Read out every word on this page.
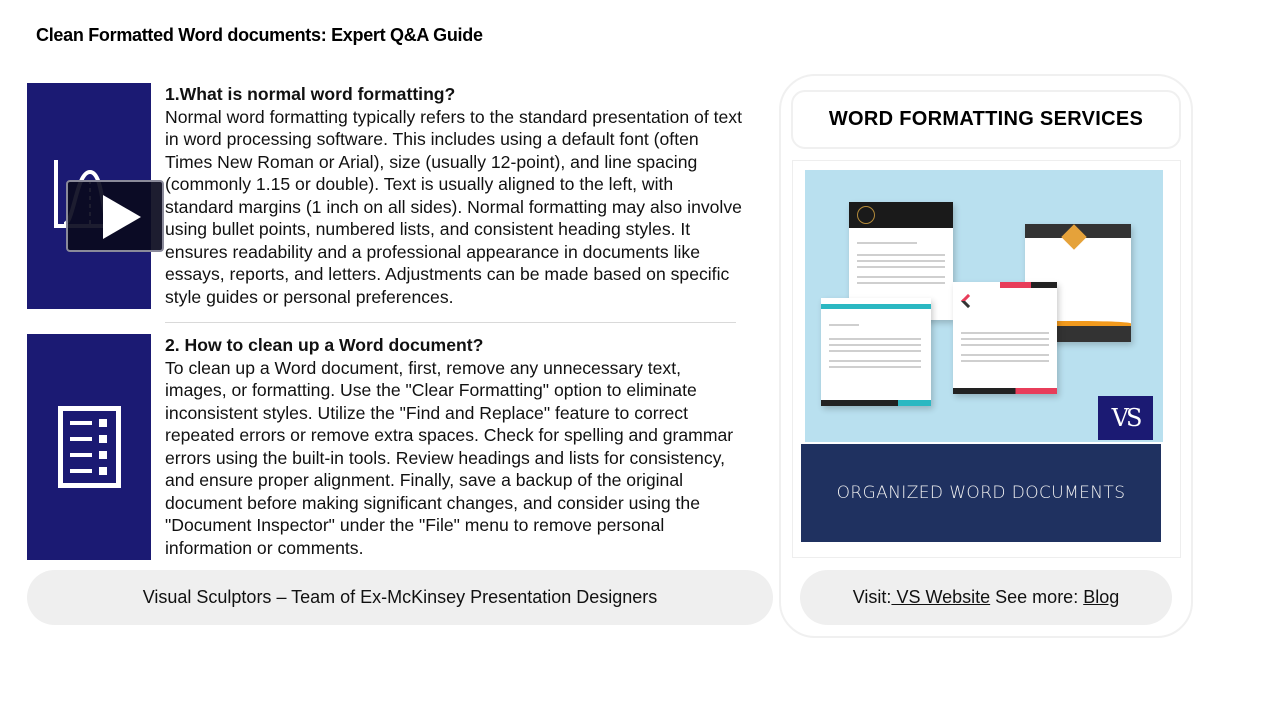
Clean Formatted Word documents: Expert Q&A Guide
1.What is normal word formatting?
Normal word formatting typically refers to the standard presentation of text in word processing software. This includes using a default font (often Times New Roman or Arial), size (usually 12-point), and line spacing (commonly 1.15 or double). Text is usually aligned to the left, with standard margins (1 inch on all sides). Normal formatting may also involve using bullet points, numbered lists, and consistent heading styles. It ensures readability and a professional appearance in documents like essays, reports, and letters. Adjustments can be made based on specific style guides or personal preferences.
2. How to clean up a Word document?
To clean up a Word document, first, remove any unnecessary text, images, or formatting. Use the "Clear Formatting" option to eliminate inconsistent styles. Utilize the "Find and Replace" feature to correct repeated errors or remove extra spaces. Check for spelling and grammar errors using the built-in tools. Review headings and lists for consistency, and ensure proper alignment. Finally, save a backup of the original document before making significant changes, and consider using the "Document Inspector" under the "File" menu to remove personal information or comments.
Visual Sculptors – Team of Ex-McKinsey Presentation Designers
WORD FORMATTING SERVICES
VS
ORGANIZED WORD DOCUMENTS
Visit: VS Website See more: Blog
